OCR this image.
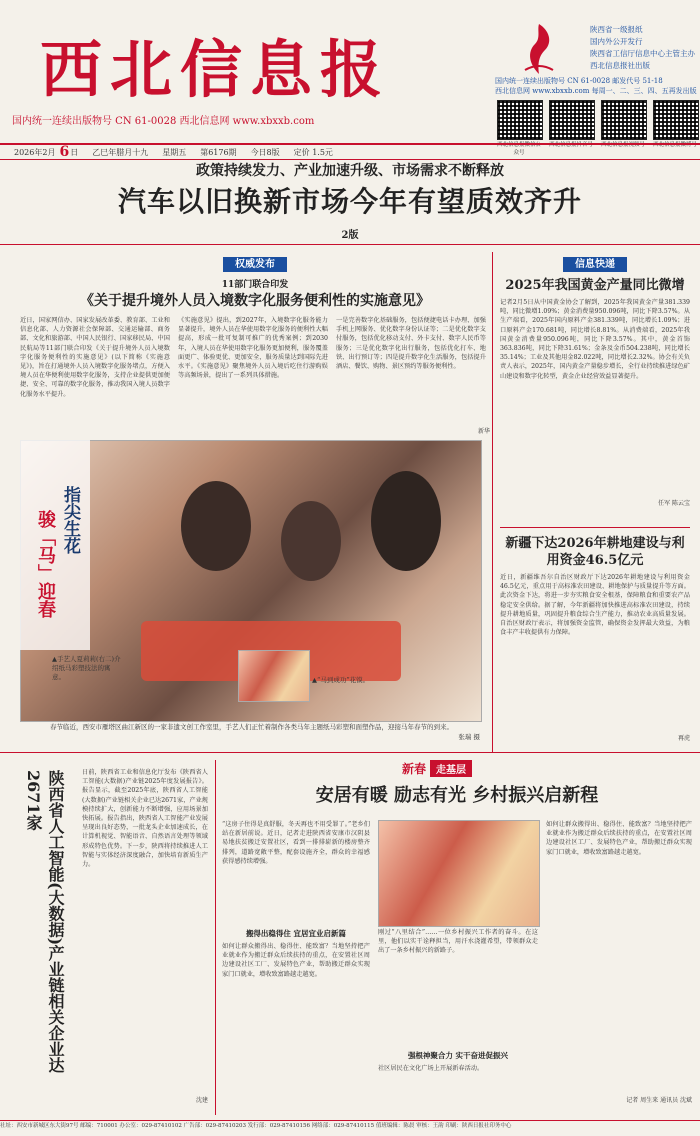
西北信息报
国内统一连续出版物号 CN 61-0028 西北信息网 www.xbxxb.com
陕西省一级报纸
国内外公开发行
陕西省工信厅信息中心主管主办
西北信息报社出版
国内统一连续出版物号 CN 61-0028 邮发代号 51-18
西北信息网 www.xbxxb.com 每周一、二、三、四、五再发出版
西北信息报微信公众号
西北信息报抖音号 西北信息报视频号 西北信息报微博号
2026年2月 6 日 乙巳年腊月十九 星期五 第6176期 今日8版 定价 1.5元
政策持续发力、产业加速升级、市场需求不断释放
汽车以旧换新市场今年有望质效齐升
2版
权威发布
11部门联合印发
《关于提升境外人员入境数字化服务便利性的实施意见》
近日，国家网信办、国家发展改革委、教育部、工业和信息化部、人力资源社会保障部、交通运输部、商务部、文化和旅游部、中国人民银行、国家移民局、中国民航局等11部门联合印发《关于提升境外人员入境数字化服务便利性的实施意见》(以下简称《实施意见》)，旨在打通境外人员入境数字化服务堵点，方便入境人员在华便利使用数字化服务，支持企业提供更加便捷、安全、可靠的数字化服务，推动我国入境人员数字化服务水平提升。
《实施意见》提出，到2027年，入境数字化服务能力显著提升，境外人员在华使用数字化服务的便利性大幅提高，形成一批可复制可推广的优秀案例；到2030年，入境人员在华使用数字化服务更加便利，服务覆盖面更广、体验更优、更加安全，服务质量达到国际先进水平。《实施意见》聚焦境外人员入境后吃住行游购娱等高频场景，提出了一系列具体措施。
一是完善数字化基础服务，包括便捷电话卡办理、加强手机上网服务、优化数字身份认证等；二是优化数字支付服务，包括优化移动支付、外卡支付、数字人民币等服务；三是优化数字化出行服务，包括优化打车、地铁、出行预订等；四是提升数字化生活服务，包括提升酒店、餐饮、购物、景区预约等服务便利性。
新华
指尖生花
骏「马」迎春
▲手艺人夏莉莉(右二)介绍纸马彩塑技法的寓意。	▲“马到成功”花馍。
春节临近，西安市雁塔区曲江新区的一家非遗文创工作室里，手艺人们正忙着制作各类马年主题纸马彩塑和面塑作品，迎接马年春节的到来。
张瑞 摄
信息快递
2025年我国黄金产量同比微增
记者2月5日从中国黄金协会了解到，2025年我国黄金产量381.339吨，同比微增1.09%；黄金消费量950.096吨，同比下降3.57%。从生产端看，2025年国内原料产金381.339吨，同比增长1.09%；进口原料产金170.681吨，同比增长8.81%。从消费端看，2025年我国黄金消费量950.096吨，同比下降3.57%。其中，黄金首饰363.836吨，同比下降31.61%；金条及金币504.238吨，同比增长35.14%；工业及其他用金82.022吨，同比增长2.32%。协会有关负责人表示，2025年，国内黄金产量稳步增长，全行业持续推进绿色矿山建设和数字化转型，黄金企业经营效益显著提升。
任军 陈云宝
新疆下达2026年耕地建设与利用资金46.5亿元
近日，新疆维吾尔自治区财政厅下达2026年耕地建设与利用资金46.5亿元，重点用于高标准农田建设、耕地保护与质量提升等方面。此次资金下达，将进一步夯实粮食安全根基，保障粮食和重要农产品稳定安全供给。据了解，今年新疆将加快推进高标准农田建设，持续提升耕地质量，巩固提升粮食综合生产能力，推动农业高质量发展。自治区财政厅表示，将加强资金监管，确保资金发挥最大效益，为粮食丰产丰收提供有力保障。
再虎
陕西省人工智能(大数据)产业链相关企业达2671家	日前，陕西省工业和信息化厅发布《陕西省人工智能(大数据)产业链2025年度发展报告》。报告显示，截至2025年底，陕西省人工智能(大数据)产业链相关企业已达2671家，产业规模持续扩大，创新能力不断增强，应用场景加快拓展。报告指出，陕西省人工智能产业发展呈现出良好态势，一批龙头企业加速成长，在计算机视觉、智能语音、自然语言处理等领域形成特色优势。下一步，陕西将持续推进人工智能与实体经济深度融合，加快培育新质生产力。
沈建
新春	走基层
安居有暖 励志有光 乡村振兴启新程
“这房子住得是真舒服，冬天再也不用受罪了。”老乡们站在新居前说。近日，记者走进陕西省安康市汉阴县易地扶贫搬迁安置社区，看到一排排崭新的楼房整齐排列，道路宽敞平整，配套设施齐全，群众的幸福感获得感持续增强。
搬得出稳得住 宜居宜业启新篇
如何让群众搬得出、稳得住、能致富？当地坚持把产业就业作为搬迁群众后续扶持的重点，在安置社区周边建设社区工厂、发展特色产业，帮助搬迁群众实现家门口就业，增收致富路越走越宽。
刚过“八里结合”……一位乡村振兴工作者的奋斗。在这里，他们以实干诠释担当，用汗水浇灌希望，带领群众走出了一条乡村振兴的新路子。
强根神聚合力 实干奋进促振兴
社区居民在文化广场上开展新春活动。
如何让群众搬得出、稳得住、能致富？当地坚持把产业就业作为搬迁群众后续扶持的重点，在安置社区周边建设社区工厂、发展特色产业，帮助搬迁群众实现家门口就业，增收致富路越走越宽。
记者 周生来 通讯员 沈斌
社址：西安市新城区东大街97号 邮编：710001 办公室：029-87410102 广告部：029-87410203 发行部：029-87410156 网络部：029-87410115 值班编辑：陈晨 审核：王韵 印刷：陕西日报社印务中心
